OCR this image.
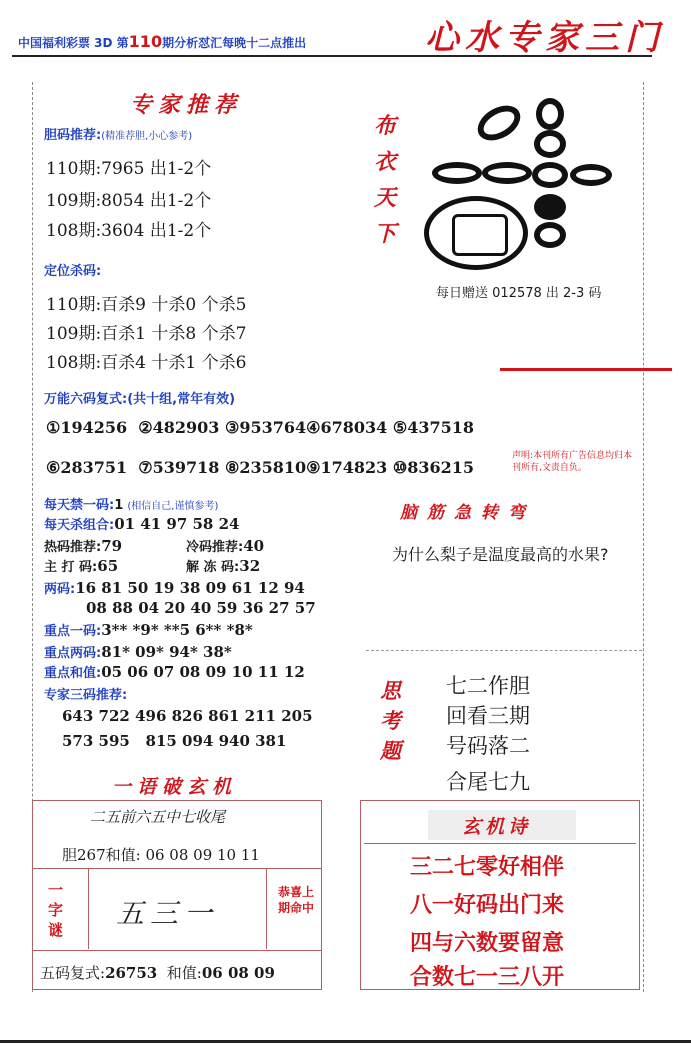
中国福利彩票 3D 第110期分析怼汇每晚十二点推出	心水专家三门
专家推荐
胆码推荐:(精准荐胆,小心参考)
110期:7965 出1-2个
109期:8054 出1-2个
108期:3604 出1-2个
定位杀码:
110期:百杀9 十杀0 个杀5
109期:百杀1 十杀8 个杀7
108期:百杀4 十杀1 个杀6
万能六码复式:(共十组,常年有效)
①194256 ②482903 ③953764④678034 ⑤437518
⑥283751 ⑦539718 ⑧235810⑨174823 ⑩836215
布衣天下
每日赠送 012578 出 2-3 码
声明:本刊所有广告信息均归本刊所有,文责自负。
每天禁一码:1 (相信自己,谨慎参考)
每天杀组合:01 41 97 58 24
热码推荐:79	冷码推荐:40
主 打 码:65	解 冻 码:32
两码:16 81 50 19 38 09 61 12 94
08 88 04 20 40 59 36 27 57
重点一码:3** *9* **5 6** *8*
重点两码:81* 09* 94* 38*
重点和值:05 06 07 08 09 10 11 12
专家三码推荐:
643 722 496 826 861 211 205
573 595   815 094 940 381
脑筋急转弯
为什么梨子是温度最高的水果?
思考题
七二作胆
回看三期
号码落二
合尾七九
一语破玄机
二五前六五中七收尾
胆267和值: 06 08 09 10 11
一字谜 五三一
恭喜上期命中
五码复式:26753 和值:06 08 09
玄机诗
三二七零好相伴
八一好码出门来
四与六数要留意
合数七一三八开
